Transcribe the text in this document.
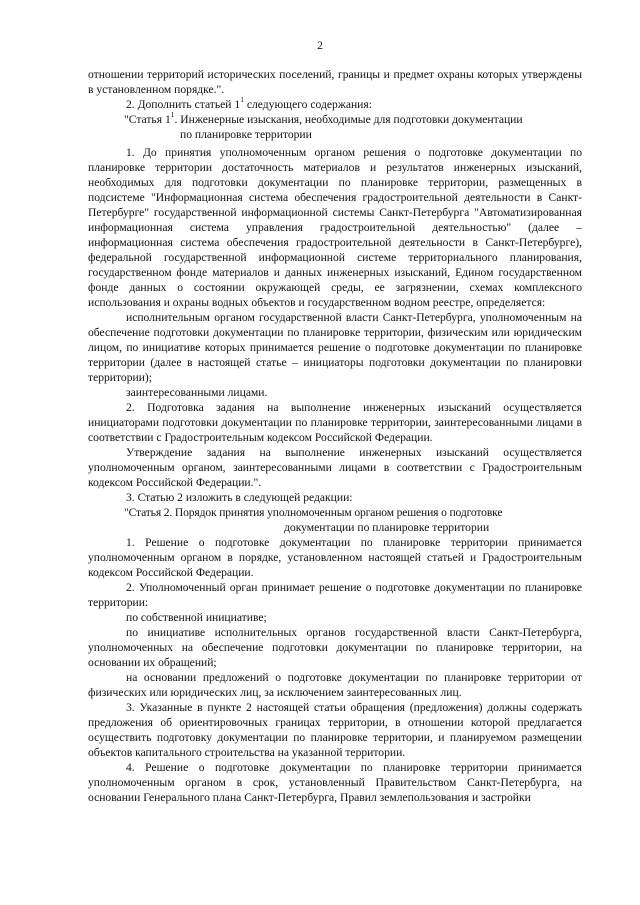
2

отношении территорий исторических поселений, границы и предмет охраны которых утверждены в установленном порядке.".

2. Дополнить статьей $1^1$ следующего содержания:

"Статья $1^1$. Инженерные изыскания, необходимые для подготовки документации

по планировке территории

1. До принятия уполномоченным органом решения о подготовке документации по планировке территории достаточность материалов и результатов инженерных изысканий, необходимых для подготовки документации по планировке территории, размещенных в подсистеме "Информационная система обеспечения градостроительной деятельности в Санкт-Петербурге" государственной информационной системы Санкт-Петербурга "Автоматизированная информационная система управления градостроительной деятельностью" (далее – информационная система обеспечения градостроительной деятельности в Санкт-Петербурге), федеральной государственной информационной системе территориального планирования, государственном фонде материалов и данных инженерных изысканий, Едином государственном фонде данных о состоянии окружающей среды, ее загрязнении, схемах комплексного использования и охраны водных объектов и государственном водном реестре, определяется:

исполнительным органом государственной власти Санкт-Петербурга, уполномоченным на обеспечение подготовки документации по планировке территории, физическим или юридическим лицом, по инициативе которых принимается решение о подготовке документации по планировке территории (далее в настоящей статье – инициаторы подготовки документации по планировки территории);

заинтересованными лицами.

2. Подготовка задания на выполнение инженерных изысканий осуществляется инициаторами подготовки документации по планировке территории, заинтересованными лицами в соответствии с Градостроительным кодексом Российской Федерации.

Утверждение задания на выполнение инженерных изысканий осуществляется уполномоченным органом, заинтересованными лицами в соответствии с Градостроительным кодексом Российской Федерации.".

3. Статью 2 изложить в следующей редакции:

"Статья 2. Порядок принятия уполномоченным органом решения о подготовке

документации по планировке территории

1. Решение о подготовке документации по планировке территории принимается уполномоченным органом в порядке, установленном настоящей статьей и Градостроительным кодексом Российской Федерации.

2. Уполномоченный орган принимает решение о подготовке документации по планировке территории:

по собственной инициативе;

по инициативе исполнительных органов государственной власти Санкт-Петербурга, уполномоченных на обеспечение подготовки документации по планировке территории, на основании их обращений;

на основании предложений о подготовке документации по планировке территории от физических или юридических лиц, за исключением заинтересованных лиц.

3. Указанные в пункте 2 настоящей статьи обращения (предложения) должны содержать предложения об ориентировочных границах территории, в отношении которой предлагается осуществить подготовку документации по планировке территории, и планируемом размещении объектов капитального строительства на указанной территории.

4. Решение о подготовке документации по планировке территории принимается уполномоченным органом в срок, установленный Правительством Санкт-Петербурга, на основании Генерального плана Санкт-Петербурга, Правил землепользования и застройки
